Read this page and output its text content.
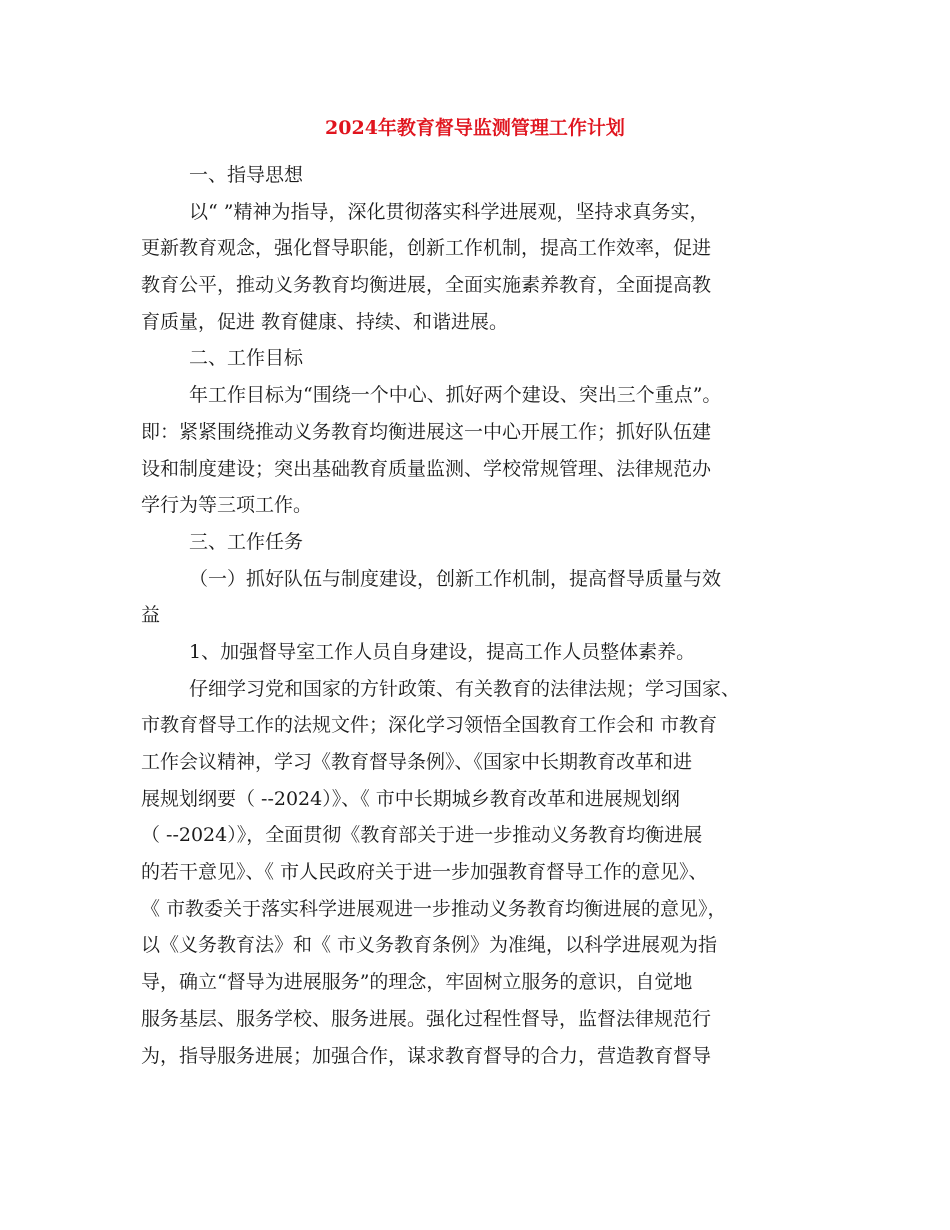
2024年教育督导监测管理工作计划
一、指导思想
以“ ”精神为指导，深化贯彻落实科学进展观，坚持求真务实，
更新教育观念，强化督导职能，创新工作机制，提高工作效率，促进
教育公平，推动义务教育均衡进展，全面实施素养教育，全面提高教
育质量，促进 教育健康、持续、和谐进展。
二、工作目标
年工作目标为“围绕一个中心、抓好两个建设、突出三个重点”。
即：紧紧围绕推动义务教育均衡进展这一中心开展工作；抓好队伍建
设和制度建设；突出基础教育质量监测、学校常规管理、法律规范办
学行为等三项工作。
三、工作任务
（一）抓好队伍与制度建设，创新工作机制，提高督导质量与效
益
1、加强督导室工作人员自身建设，提高工作人员整体素养。
仔细学习党和国家的方针政策、有关教育的法律法规；学习国家、
市教育督导工作的法规文件；深化学习领悟全国教育工作会和 市教育
工作会议精神，学习《教育督导条例》、《国家中长期教育改革和进
展规划纲要（ --2024）》、《 市中长期城乡教育改革和进展规划纲
（ --2024）》，全面贯彻《教育部关于进一步推动义务教育均衡进展
的若干意见》、《 市人民政府关于进一步加强教育督导工作的意见》、
《 市教委关于落实科学进展观进一步推动义务教育均衡进展的意见》，
以《义务教育法》和《 市义务教育条例》为准绳，以科学进展观为指
导，确立“督导为进展服务”的理念，牢固树立服务的意识，自觉地
服务基层、服务学校、服务进展。强化过程性督导，监督法律规范行
为，指导服务进展；加强合作，谋求教育督导的合力，营造教育督导
